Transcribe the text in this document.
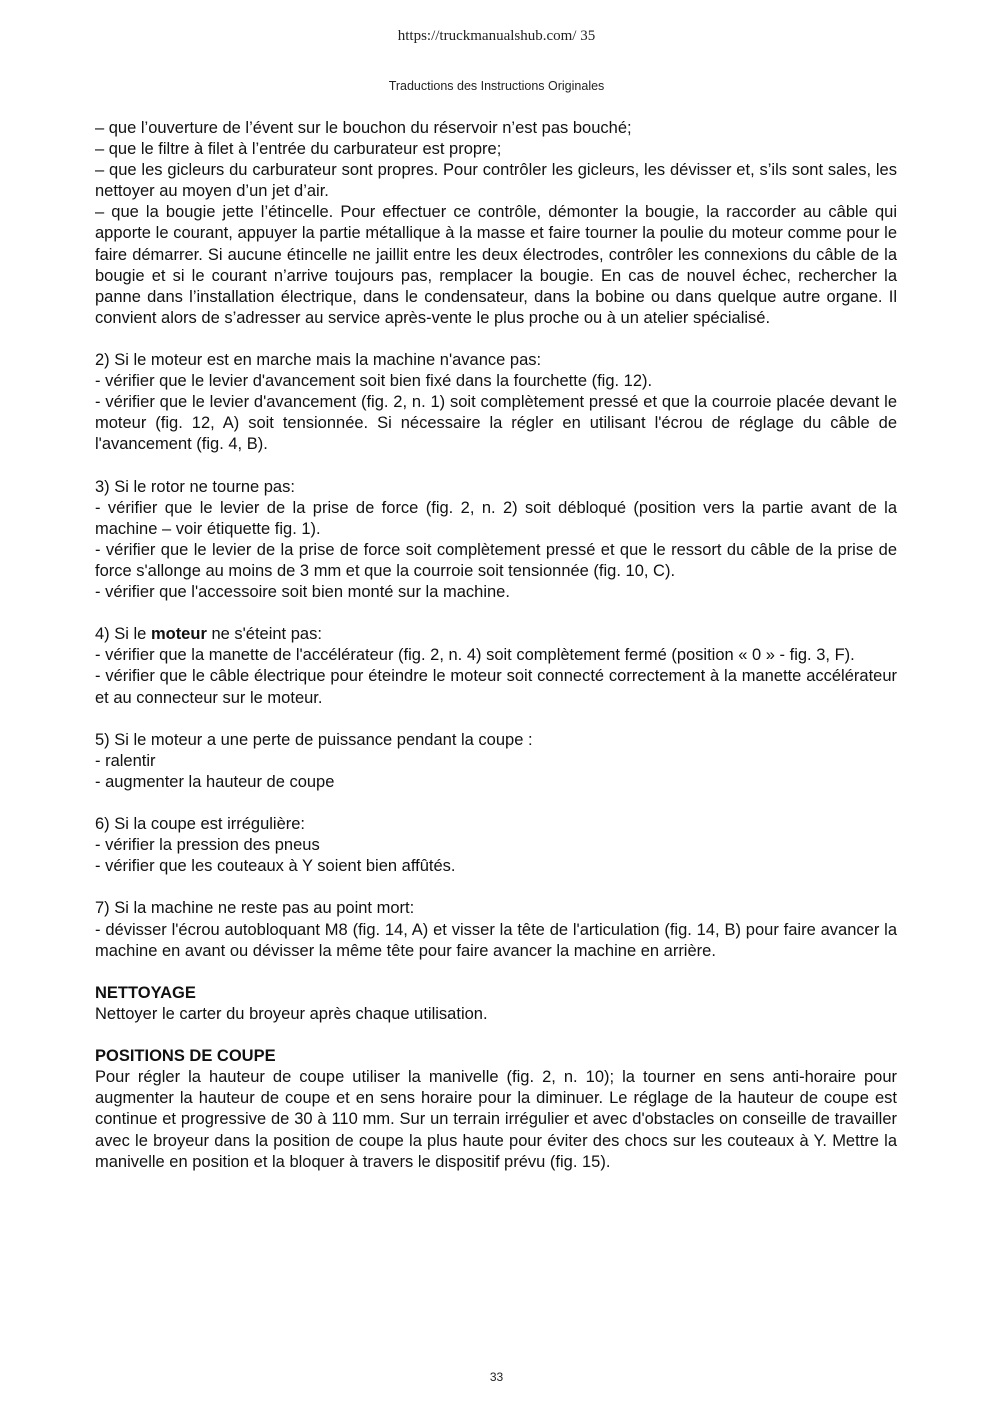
https://truckmanualshub.com/ 35
Traductions des Instructions Originales

– que l’ouverture de l’évent sur le bouchon du réservoir n’est pas bouché;

– que le filtre à filet à l’entrée du carburateur est propre;

– que les gicleurs du carburateur sont propres. Pour contrôler les gicleurs, les dévisser et, s’ils sont sales, les nettoyer au moyen d’un jet d’air.

– que la bougie jette l’étincelle. Pour effectuer ce contrôle, démonter la bougie, la raccorder au câble qui apporte le courant, appuyer la partie métallique à la masse et faire tourner la poulie du moteur comme pour le faire démarrer. Si aucune étincelle ne jaillit entre les deux électrodes, contrôler les connexions du câble de la bougie et si le courant n’arrive toujours pas, remplacer la bougie. En cas de nouvel échec, rechercher la panne dans l’installation électrique, dans le condensateur, dans la bobine ou dans quelque autre organe. Il convient alors de s’adresser au service après-vente le plus proche ou à un atelier spécialisé.

2) Si le moteur est en marche mais la machine n'avance pas:

- vérifier que le levier d'avancement soit bien fixé dans la fourchette (fig. 12).

- vérifier que le levier d'avancement (fig. 2, n. 1) soit complètement pressé et que la courroie placée devant le moteur (fig. 12, A) soit tensionnée. Si nécessaire la régler en utilisant l'écrou de réglage du câble de l'avancement (fig. 4, B).

3) Si le rotor ne tourne pas:

- vérifier que le levier de la prise de force (fig. 2, n. 2) soit débloqué (position vers la partie avant de la machine – voir étiquette fig. 1).

- vérifier que le levier de la prise de force soit complètement pressé et que le ressort du câble de la prise de force s'allonge au moins de 3 mm et que la courroie soit tensionnée (fig. 10, C).

- vérifier que l'accessoire soit bien monté sur la machine.

4) Si le moteur ne s'éteint pas:

- vérifier que la manette de l'accélérateur (fig. 2, n. 4) soit complètement fermé (position « 0 » - fig. 3, F).

- vérifier que le câble électrique pour éteindre le moteur soit connecté correctement à la manette accélérateur et au connecteur sur le moteur.

5) Si le moteur a une perte de puissance pendant la coupe :

- ralentir

- augmenter la hauteur de coupe

6) Si la coupe est irrégulière:

- vérifier la pression des pneus

- vérifier que les couteaux à Y soient bien affûtés.

7) Si la machine ne reste pas au point mort:

- dévisser l'écrou autobloquant M8 (fig. 14, A) et visser la tête de l'articulation (fig. 14, B) pour faire avancer la machine en avant ou dévisser la même tête pour faire avancer la machine en arrière.

NETTOYAGE

Nettoyer le carter du broyeur après chaque utilisation.

POSITIONS DE COUPE

Pour régler la hauteur de coupe utiliser la manivelle (fig. 2, n. 10); la tourner en sens anti-horaire pour augmenter la hauteur de coupe et en sens horaire pour la diminuer. Le réglage de la hauteur de coupe est continue et progressive de 30 à 110 mm. Sur un terrain irrégulier et avec d'obstacles on conseille de travailler avec le broyeur dans la position de coupe la plus haute pour éviter des chocs sur les couteaux à Y. Mettre la manivelle en position et la bloquer à travers le dispositif prévu (fig. 15).

33
